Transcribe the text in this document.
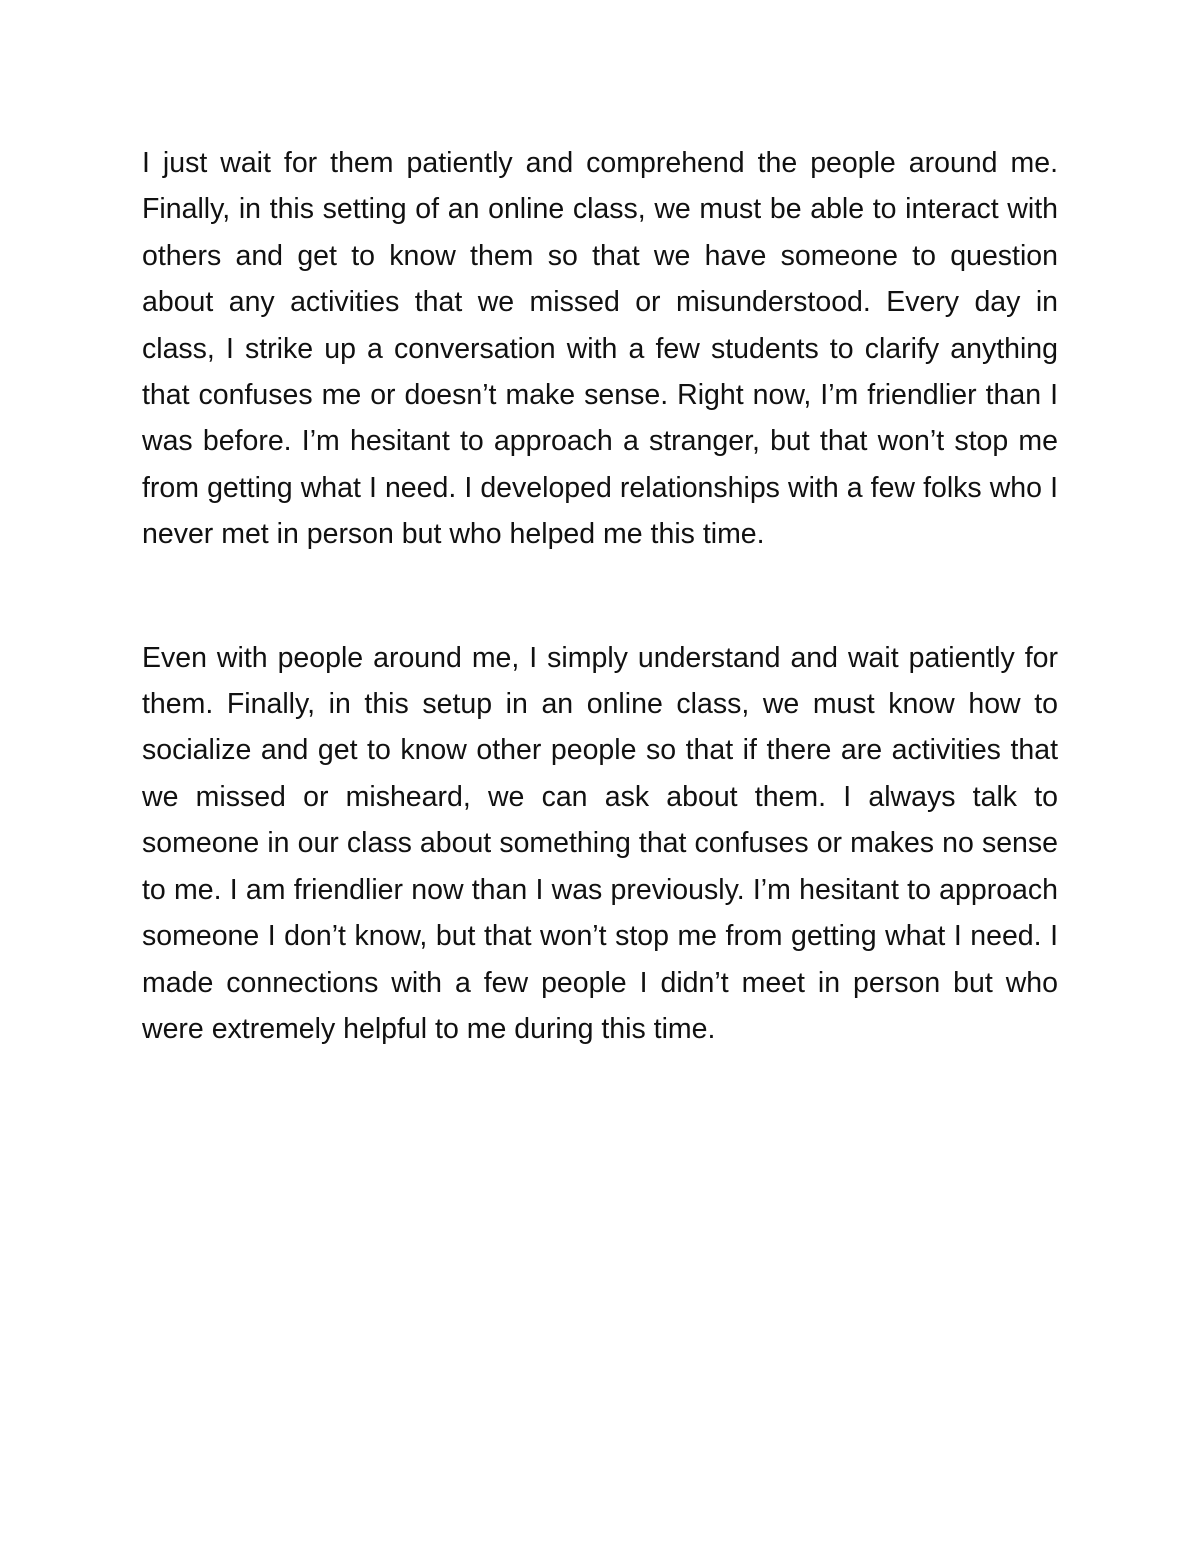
I just wait for them patiently and comprehend the people around me. Finally, in this setting of an online class, we must be able to interact with others and get to know them so that we have someone to question about any activities that we missed or misunderstood. Every day in class, I strike up a conversation with a few students to clarify anything that confuses me or doesn’t make sense. Right now, I’m friendlier than I was before. I’m hesitant to approach a stranger, but that won’t stop me from getting what I need. I developed relationships with a few folks who I never met in person but who helped me this time.

Even with people around me, I simply understand and wait patiently for them. Finally, in this setup in an online class, we must know how to socialize and get to know other people so that if there are activities that we missed or misheard, we can ask about them. I always talk to someone in our class about something that confuses or makes no sense to me. I am friendlier now than I was previously. I’m hesitant to approach someone I don’t know, but that won’t stop me from getting what I need. I made connections with a few people I didn’t meet in person but who were extremely helpful to me during this time.
